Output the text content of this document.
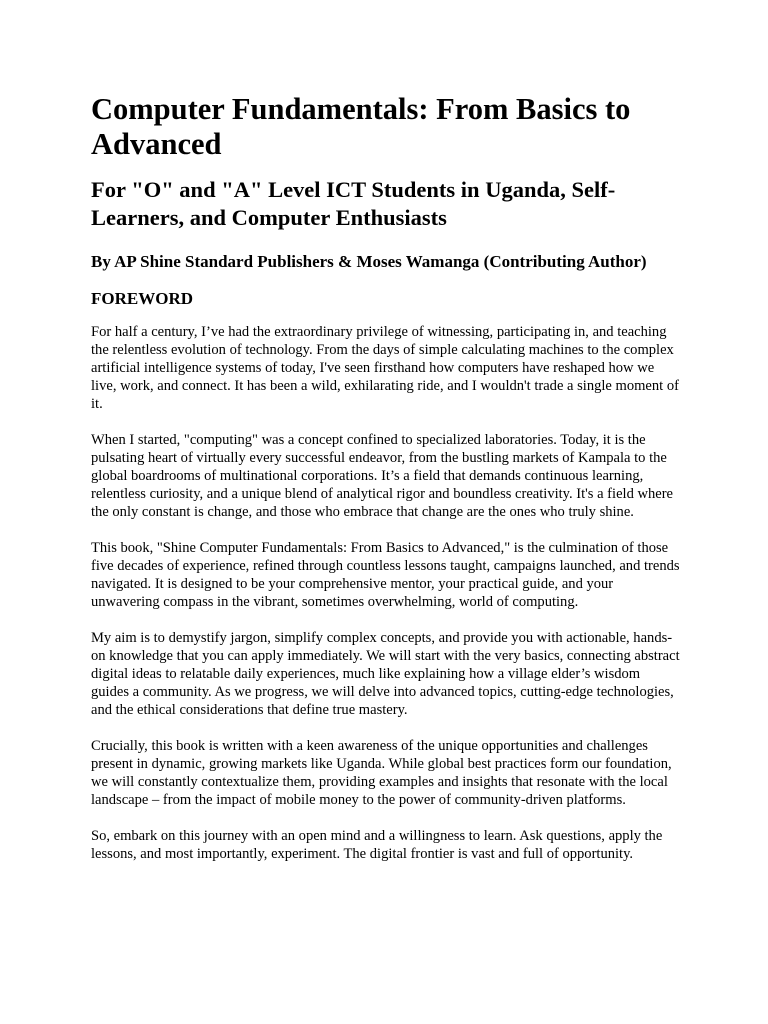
Computer Fundamentals: From Basics to Advanced
For "O" and "A" Level ICT Students in Uganda, Self-Learners, and Computer Enthusiasts
By AP Shine Standard Publishers & Moses Wamanga (Contributing Author)
FOREWORD

For half a century, I’ve had the extraordinary privilege of witnessing, participating in, and teaching the relentless evolution of technology. From the days of simple calculating machines to the complex artificial intelligence systems of today, I've seen firsthand how computers have reshaped how we live, work, and connect. It has been a wild, exhilarating ride, and I wouldn't trade a single moment of it.

When I started, "computing" was a concept confined to specialized laboratories. Today, it is the pulsating heart of virtually every successful endeavor, from the bustling markets of Kampala to the global boardrooms of multinational corporations. It’s a field that demands continuous learning, relentless curiosity, and a unique blend of analytical rigor and boundless creativity. It's a field where the only constant is change, and those who embrace that change are the ones who truly shine.

This book, "Shine Computer Fundamentals: From Basics to Advanced," is the culmination of those five decades of experience, refined through countless lessons taught, campaigns launched, and trends navigated. It is designed to be your comprehensive mentor, your practical guide, and your unwavering compass in the vibrant, sometimes overwhelming, world of computing.

My aim is to demystify jargon, simplify complex concepts, and provide you with actionable, hands-on knowledge that you can apply immediately. We will start with the very basics, connecting abstract digital ideas to relatable daily experiences, much like explaining how a village elder’s wisdom guides a community. As we progress, we will delve into advanced topics, cutting-edge technologies, and the ethical considerations that define true mastery.

Crucially, this book is written with a keen awareness of the unique opportunities and challenges present in dynamic, growing markets like Uganda. While global best practices form our foundation, we will constantly contextualize them, providing examples and insights that resonate with the local landscape – from the impact of mobile money to the power of community-driven platforms.

So, embark on this journey with an open mind and a willingness to learn. Ask questions, apply the lessons, and most importantly, experiment. The digital frontier is vast and full of opportunity.
